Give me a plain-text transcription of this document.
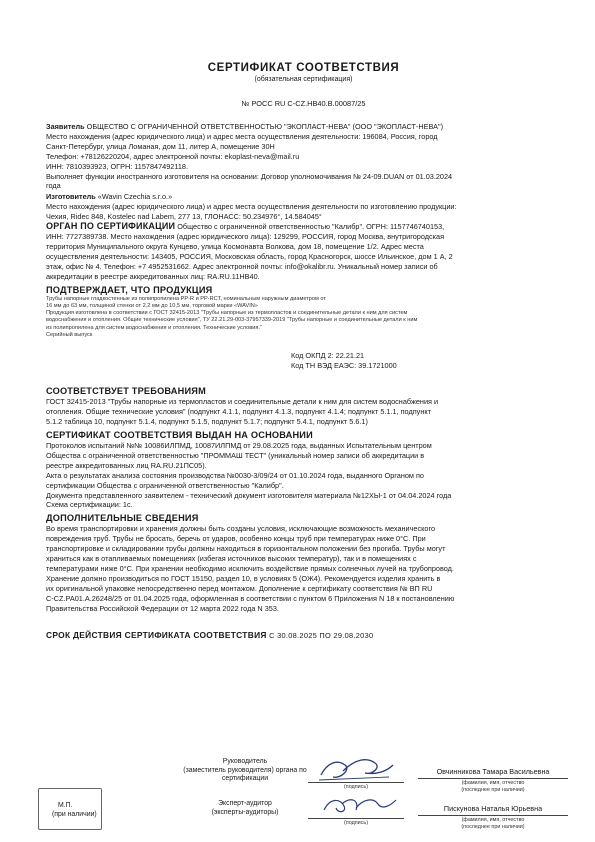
СЕРТИФИКАТ СООТВЕТСТВИЯ

(обязательная сертификация)

№ РОСС RU C-CZ.HB40.B.00087/25

Заявитель ОБЩЕСТВО С ОГРАНИЧЕННОЙ ОТВЕТСТВЕННОСТЬЮ "ЭКОПЛАСТ-НЕВА" (ООО "ЭКОПЛАСТ-НЕВА")

Место нахождения (адрес юридического лица) и адрес места осуществления деятельности: 196084, Россия, город

Санкт-Петербург, улица Ломаная, дом 11, литер А, помещение 30Н

Телефон: +78126220204, адрес электронной почты: ekoplast-neva@mail.ru

ИНН: 7810393923, ОГРН: 1157847492118.

Выполняет функции иностранного изготовителя на основании: Договор уполномочивания № 24-09.DUAN от 01.03.2024

года

Изготовитель «Wavin Czechia s.r.o.»

Место нахождения (адрес юридического лица) и адрес места осуществления деятельности по изготовлению продукции:

Чехия, Ridec 848, Kostelec nad Labem, 277 13, ГЛОНАСС: 50.234976°, 14.584045°

ОРГАН ПО СЕРТИФИКАЦИИ Общество с ограниченной ответственностью "Калибр". ОГРН: 1157746740153,

ИНН: 7727389738. Место нахождения (адрес юридического лица): 129299, РОССИЯ, город Москва, внутригородская

территория Муниципального округа Кунцево, улица Космонавта Волкова, дом 18, помещение 1/2. Адрес места

осуществления деятельности: 143405, РОССИЯ, Московская область, город Красногорск, шоссе Ильинское, дом 1 А, 2

этаж, офис № 4. Телефон: +7 4952531662. Адрес электронной почты: info@okalibr.ru. Уникальный номер записи об

аккредитации в реестре аккредитованных лиц: RA.RU.11НВ40.

ПОДТВЕРЖДАЕТ, ЧТО ПРОДУКЦИЯ

Трубы напорные гладкостенные из полипропилена PP-R и PP-RCT, номинальным наружным диаметром от

16 мм до 63 мм, толщиной стенки от 2,2 мм до 10,5 мм, торговой марки «WAVIN»

Продукция изготовлена в соответствии с ГОСТ 32415-2013 "Трубы напорные из термопластов и соединительные детали к ним для систем

водоснабжения и отопления. Общие технические условия", ТУ 22.21.29-003-37957339-2019 "Трубы напорные и соединительные детали к ним

из полипропилена для систем водоснабжения и отопления. Технические условия."

Серийный выпуск

Код ОКПД 2: 22.21.21
Код ТН ВЭД ЕАЭС: 39.1721000

СООТВЕТСТВУЕТ ТРЕБОВАНИЯМ

ГОСТ 32415-2013 "Трубы напорные из термопластов и соединительные детали к ним для систем водоснабжения и

отопления. Общие технические условия" (подпункт 4.1.1, подпункт 4.1.3, подпункт 4.1.4; подпункт 5.1.1, подпункт

5.1.2 таблица 10, подпункт 5.1.4, подпункт 5.1.5, подпункт 5.1.7; подпункт 5.4.1, подпункт 5.6.1)

СЕРТИФИКАТ СООТВЕТСТВИЯ ВЫДАН НА ОСНОВАНИИ

Протоколов испытаний №№ 10086ИЛПМД, 10087ИЛПМД от 29.08.2025 года, выданных Испытательным центром

Общества с ограниченной ответственностью "ПРОММАШ ТЕСТ" (уникальный номер записи об аккредитации в

реестре аккредитованных лиц RA.RU.21ПС05).

Акта о результатах анализа состояния производства №0030-3/09/24 от 01.10.2024 года, выданного Органом по

сертификации Общества с ограниченной ответственностью "Калибр".

Документа представленного заявителем - технический документ изготовителя материала №12ХЫ-1 от 04.04.2024 года

Схема сертификации: 1с.

ДОПОЛНИТЕЛЬНЫЕ СВЕДЕНИЯ

Во время транспортировки и хранения должны быть созданы условия, исключающие возможность механического

повреждения труб. Трубы не бросать, беречь от ударов, особенно концы труб при температурах ниже 0°С. При

транспортировке и складировании трубы должны находиться в горизонтальном положении без прогиба. Трубы могут

храниться как в отапливаемых помещениях (избегая источников высоких температур), так и в помещениях с

температурами ниже 0°С. При хранении необходимо исключить воздействие прямых солнечных лучей на трубопровод.

Хранение должно производиться по ГОСТ 15150, раздел 10, в условиях 5 (ОЖ4). Рекомендуется изделия хранить в

их оригинальной упаковке непосредственно перед монтажом. Дополнение к сертификату соответствия № ВП RU

C-CZ.РА01.А.26248/25 от 01.04.2025 года, оформленная в соответствии с пунктом 6 Приложения N 18 к постановлению

Правительства Российской Федерации от 12 марта 2022 года N 353.

СРОК ДЕЙСТВИЯ СЕРТИФИКАТА СООТВЕТСТВИЯ С 30.08.2025 ПО 29.08.2030

Руководитель
(заместитель руководителя) органа по
сертификации
(подпись)
Овчинникова Тамара Васильевна
(фамилия, имя, отчество
(последнее при наличии)
М.П.
(при наличии)
Эксперт-аудитор
(эксперты-аудиторы)
(подпись)
Пискунова Наталья Юрьевна
(фамилия, имя, отчество
(последнее при наличии)
